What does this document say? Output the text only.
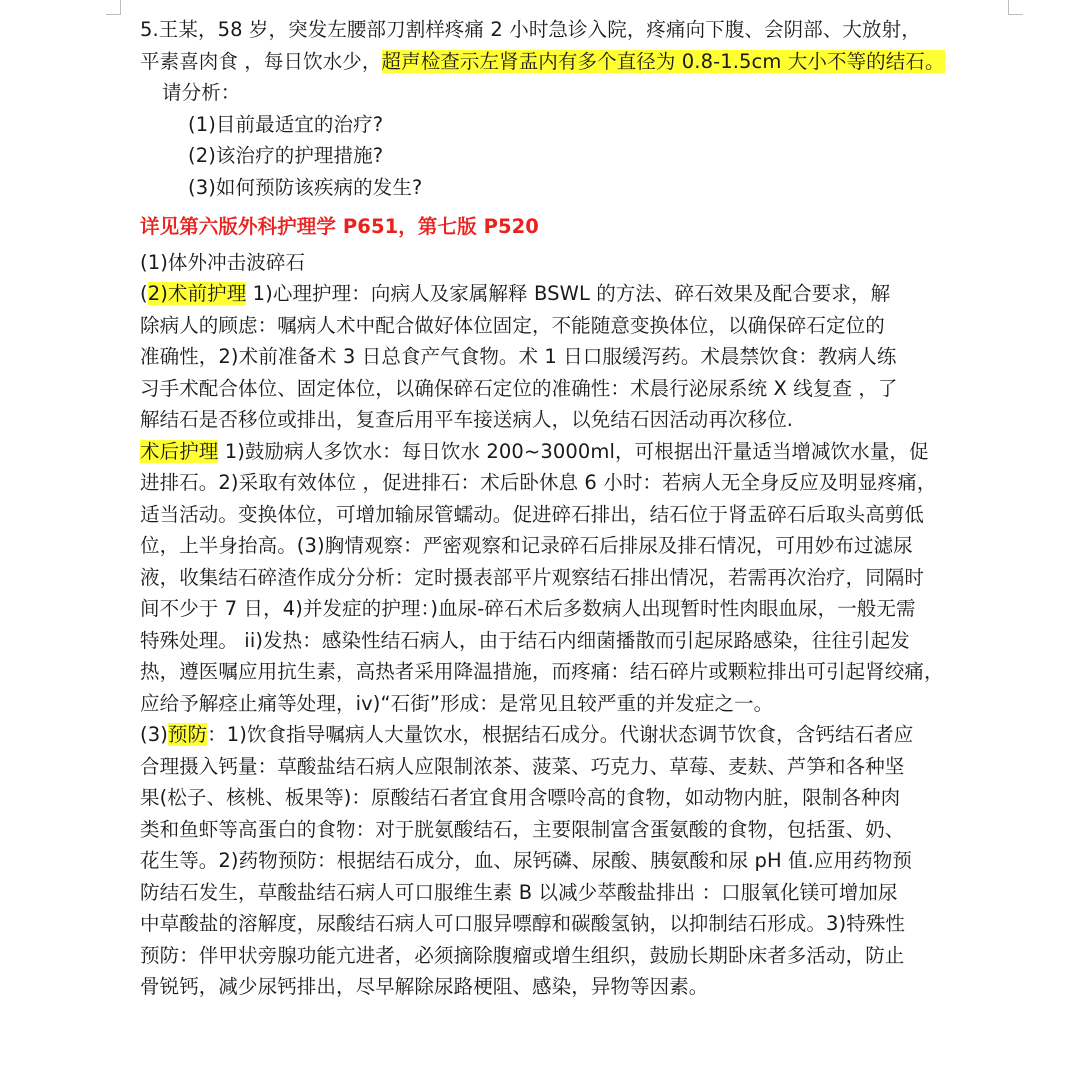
5.王某，58 岁，突发左腰部刀割样疼痛 2 小时急诊入院，疼痛向下腹、会阴部、大放射，
平素喜肉食 ，每日饮水少，超声检查示左肾盂内有多个直径为 0.8-1.5cm 大小不等的结石。
请分析：
(1)目前最适宜的治疗?
(2)该治疗的护理措施?
(3)如何预防该疾病的发生?
详见第六版外科护理学 P651，第七版 P520
(1)体外冲击波碎石
(2)术前护理 1)心理护理：向病人及家属解释 BSWL 的方法、碎石效果及配合要求，解
除病人的顾虑：嘱病人术中配合做好体位固定，不能随意变换体位，以确保碎石定位的
准确性，2)术前准备术 3 日总食产气食物。术 1 日口服缓泻药。术晨禁饮食：教病人练
习手术配合体位、固定体位，以确保碎石定位的准确性：术晨行泌尿系统 X 线复查 ，了
解结石是否移位或排出，复查后用平车接送病人，以免结石因活动再次移位.
术后护理 1)鼓励病人多饮水：每日饮水 200~3000ml，可根据出汗量适当增减饮水量，促
进排石。2)采取有效体位 ，促进排石：术后卧休息 6 小时：若病人无全身反应及明显疼痛，
适当活动。变换体位，可增加输尿管蠕动。促进碎石排出，结石位于肾盂碎石后取头高剪低
位，上半身抬高。(3)胸情观察：严密观察和记录碎石后排尿及排石情况，可用妙布过滤尿
液，收集结石碎渣作成分分析：定时摄表部平片观察结石排出情况，若需再次治疗，同隔时
间不少于 7 日，4)并发症的护理：)血尿-碎石术后多数病人出现暂时性肉眼血尿，一般无需
特殊处理。 ii)发热：感染性结石病人，由于结石内细菌播散而引起尿路感染，往往引起发
热，遵医嘱应用抗生素，高热者采用降温措施，而疼痛：结石碎片或颗粒排出可引起肾绞痛，
应给予解痉止痛等处理，iv)“石街”形成：是常见且较严重的并发症之一。
(3)预防：1)饮食指导嘱病人大量饮水，根据结石成分。代谢状态调节饮食，含钙结石者应
合理摄入钙量：草酸盐结石病人应限制浓茶、菠菜、巧克力、草莓、麦麸、芦笋和各种坚
果(松子、核桃、板果等)：原酸结石者宜食用含嘌呤高的食物，如动物内脏，限制各种肉
类和鱼虾等高蛋白的食物：对于胱氨酸结石，主要限制富含蛋氨酸的食物，包括蛋、奶、
花生等。2)药物预防：根据结石成分，血、尿钙磷、尿酸、胰氨酸和尿 pH 值.应用药物预
防结石发生，草酸盐结石病人可口服维生素 B 以减少萃酸盐排出 ：口服氧化镁可增加尿
中草酸盐的溶解度，尿酸结石病人可口服异嘌醇和碳酸氢钠，以抑制结石形成。3)特殊性
预防：伴甲状旁腺功能亢进者，必须摘除腹瘤或增生组织，鼓励长期卧床者多活动，防止
骨锐钙，减少尿钙排出，尽早解除尿路梗阻、感染，异物等因素。
